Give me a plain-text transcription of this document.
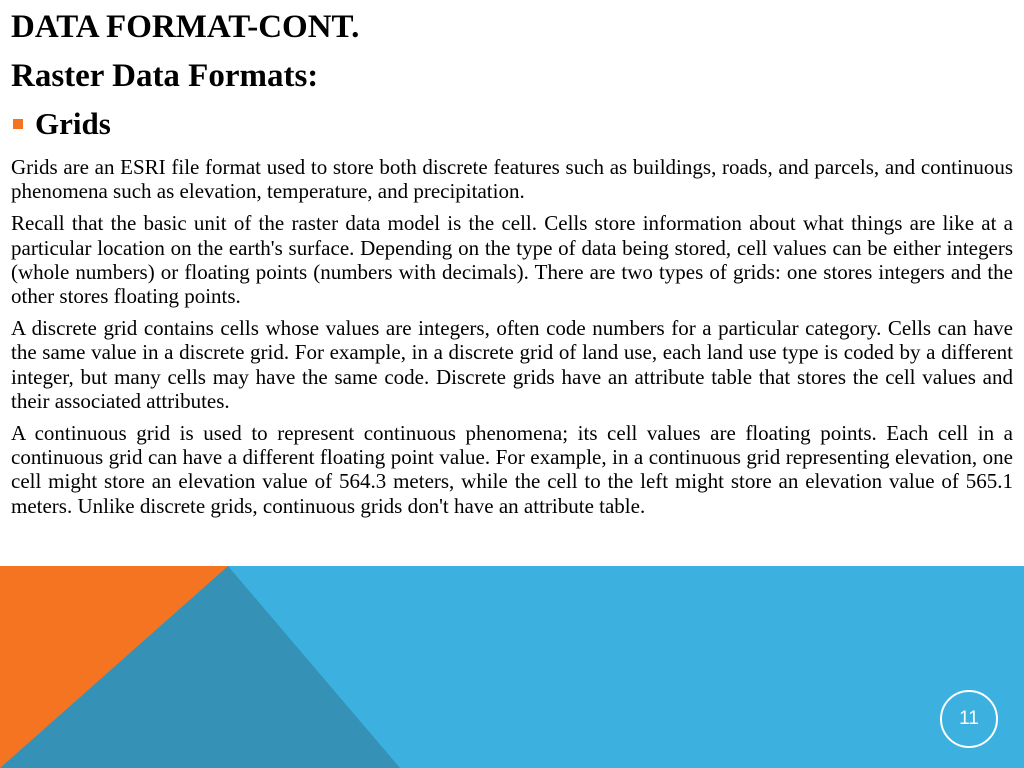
DATA FORMAT-CONT.
Raster Data Formats:
Grids

Grids are an ESRI file format used to store both discrete features such as buildings, roads, and parcels, and continuous phenomena such as elevation, temperature, and precipitation.

Recall that the basic unit of the raster data model is the cell. Cells store information about what things are like at a particular location on the earth's surface. Depending on the type of data being stored, cell values can be either integers (whole numbers) or floating points (numbers with decimals). There are two types of grids: one stores integers and the other stores floating points.

A discrete grid contains cells whose values are integers, often code numbers for a particular category. Cells can have the same value in a discrete grid. For example, in a discrete grid of land use, each land use type is coded by a different integer, but many cells may have the same code. Discrete grids have an attribute table that stores the cell values and their associated attributes.

A continuous grid is used to represent continuous phenomena; its cell values are floating points. Each cell in a continuous grid can have a different floating point value. For example, in a continuous grid representing elevation, one cell might store an elevation value of 564.3 meters, while the cell to the left might store an elevation value of 565.1 meters. Unlike discrete grids, continuous grids don't have an attribute table.

11
